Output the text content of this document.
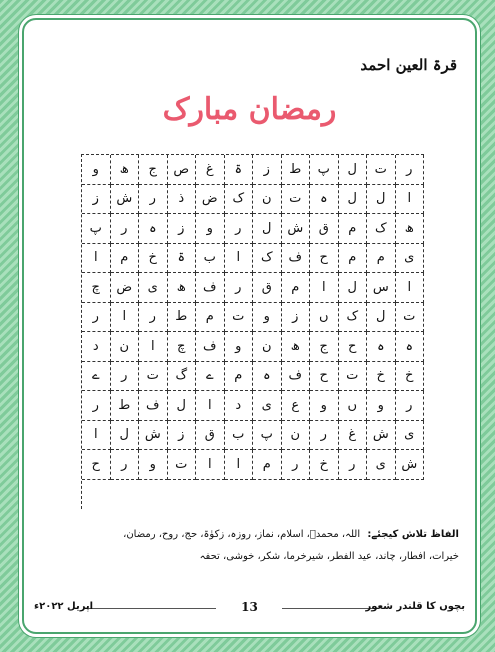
قرۃ العین احمد
رمضان مبارک
ر
ت
ل
پ
ط
ز
ۃ
غ
ص
ج
ھ
و
ا
ل
ل
ہ
ت
ن
ک
ض
ذ
ر
ش
ز
ھ
ک
م
ق
ش
ل
ر
و
ز
ہ
ر
پ
ی
م
م
ح
ف
ک
ا
ب
ۃ
خ
م
ا
ا
س
ل
ا
م
ق
ر
ف
ھ
ی
ض
چ
ت
ل
ک
ں
ز
و
ت
م
ط
ر
ا
ر
ہ
ہ
ح
ج
ھ
ن
و
ف
چ
ا
ن
د
خ
خ
ت
ح
ف
ہ
م
ے
گ
ت
ر
ے
ر
و
ں
و
ع
ی
د
ا
ل
ف
ط
ر
ی
ش
غ
ر
ن
پ
ب
ق
ز
ش
ل
ا
ش
ی
ر
خ
ر
م
ا
ا
ت
و
ر
ح
الفاظ تلاش کیجئے: اللہ، محمدؐ، اسلام، نماز، روزہ، زکوٰۃ، حج، روح، رمضان،
خیرات، افطار، چاند، عید الفطر، شیرخرما، شکر، خوشی، تحفہ
بچوں کا قلندر شعور
13
اپریل ۲۰۲۲ء
